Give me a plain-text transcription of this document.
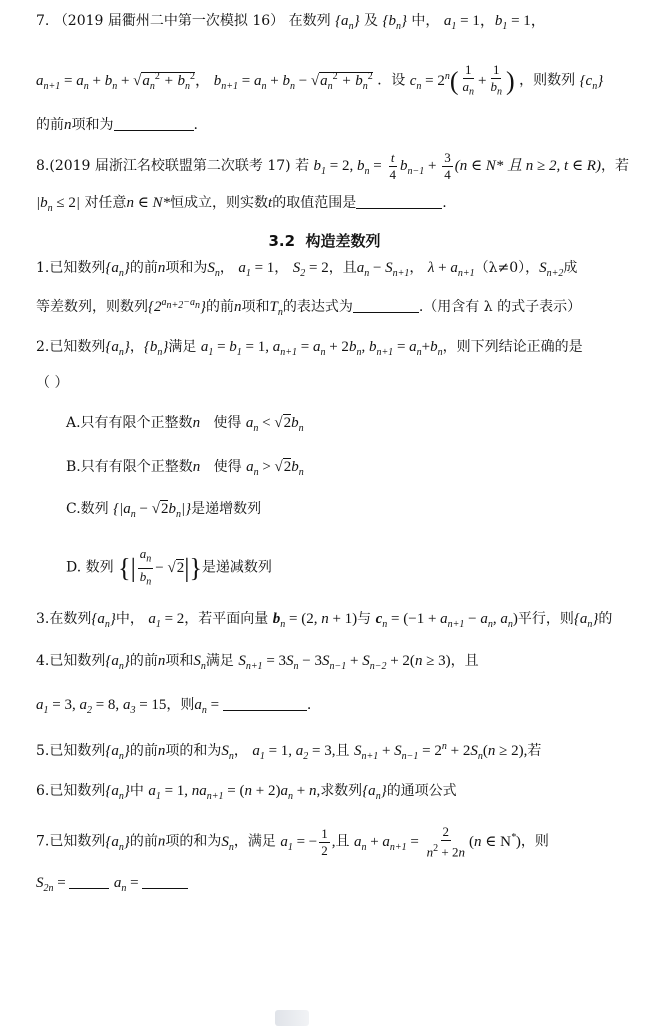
7. （2019 届衢州二中第一次模拟 16） 在数列 $\{a_n\}$ 及 $\{b_n\}$ 中， $a_1 = 1$，$b_1 = 1$，
$a_{n+1} = a_n + b_n + √a_n^2 + b_n^2$， $b_{n+1} = a_n + b_n - √a_n^2 + b_n^2$ ．设 $c_n = 2^n( \frac{1}{a_n} + \frac{1}{b_n}$ ) ，则数列 $\{c_n\}$
的前n项和为	.
8.(2019 届浙江名校联盟第二次联考 17) 若 $b_1 = 2$, $b_n = \frac{t}{4} b_{n-1} + \frac{3}{4} (n$ ∈ N* 且 n ≥ 2, t ∈ R)，若
$|b_n \le 2|$ 对任意n ∈ N*恒成立，则实数t的取值范围是	.
3.2 构造差数列
1.已知数列$\{a_n\}$的前n项和为$S_n$， $a_1 = 1$， $S_2 = 2$，且$a_n - S_{n+1}$， $\lambda + a_{n+1}(\lambda\ne 0)$，$S_{n+2}$成
等差数列，则数列$\{2^{a_{n+2}-a_n}\}$的前n项和$T_n$的表达式为	.（用含有 λ 的式子表示）
2.已知数列$\{a_n\}$，$\{b_n\}$满足 $a_1 = b_1 = 1$, $a_{n+1} = a_n + 2b_n$, $b_{n+1} = a_n+b_n$，则下列结论正确的是
（ ）
A.只有有限个正整数n 使得 $a_n < √2b_n$
B.只有有限个正整数n 使得 $a_n > √2b_n$
C.数列 $\{|a_n - √2b_n|\}$是递增数列
D. 数列 {| $\frac{a_n}{b_n} - √2|$}是递减数列
3.在数列$\{a_n\}$中， $a_1 = 2$，若平面向量 $b_n = (2$, n + 1)与 $c_n = (-1 + a_{n+1} - a_n$, $a_n$)平行，则$\{a_n\}$的
4.已知数列$\{a_n\}$的前n项和$S_n$满足 $S_{n+1} = 3S_n - 3S_{n-1} + S_{n-2} + 2(n \ge 3)$，且
$a_1 = 3$, $a_2 = 8$, $a_3 = 15$，则$a_n$ =	.
5.已知数列$\{a_n\}$的前n项的和为$S_n$， $a_1 = 1$, $a_2 = 3$,且 $S_{n+1} + S_{n-1} = 2^n + 2S_n(n \ge 2)$,若
6.已知数列$\{a_n\}$中 $a_1 = 1$, $na_{n+1} = (n + 2)a_n + n$,求数列$\{a_n\}$的通项公式
7.已知数列$\{a_n\}$的前n项的和为$S_n$，满足 $a_1$ = − $\frac{1}{2}$ ,且 $a_n + a_{n+1} = \frac{2}{n^2 + 2n} (n$ ∈ N*)，则
$S_{2n}$ =	$a_n$ =
